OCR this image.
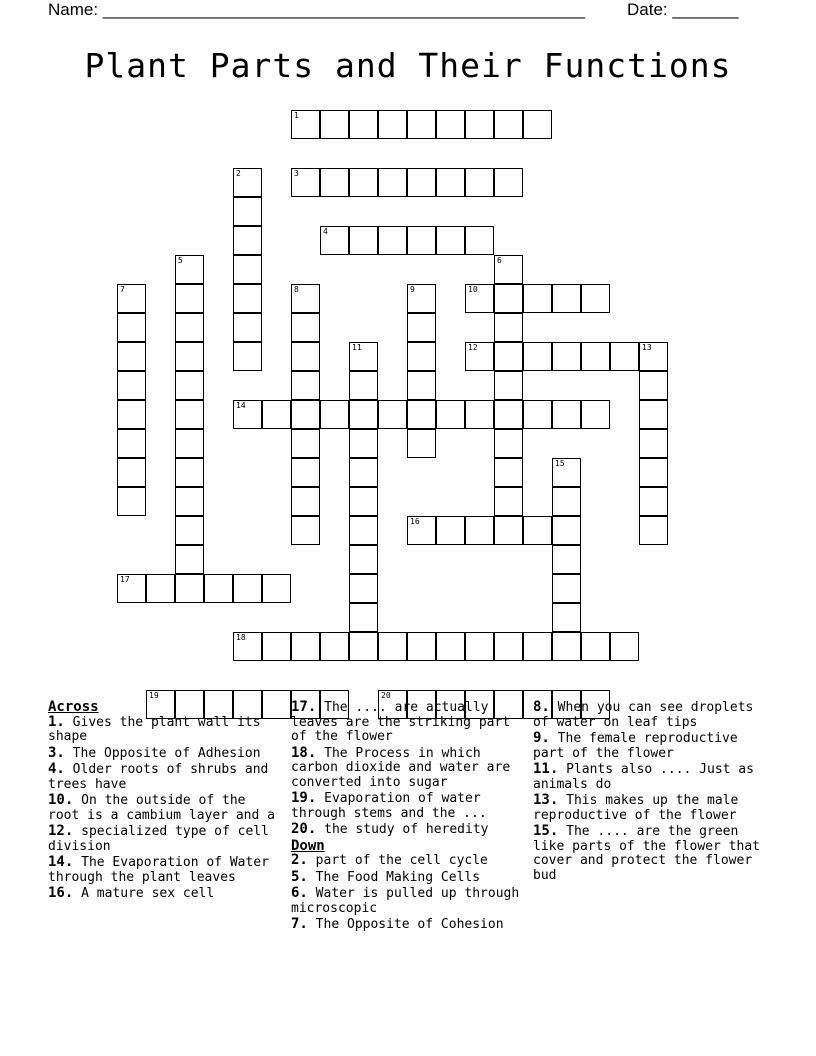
Name: ___________________________________________________ Date: _______
Plant Parts and Their Functions
1
3
4
10
12	13
14
16
17
18
19	20
2
5	6
7	8	9
11
15
Across
1. Gives the plant wall its shape
3. The Opposite of Adhesion
4. Older roots of shrubs and trees have
10. On the outside of the root is a cambium layer and a
12. specialized type of cell division
14. The Evaporation of Water through the plant leaves
16. A mature sex cell
17. The .... are actually leaves are the striking part of the flower
18. The Process in which carbon dioxide and water are converted into sugar
19. Evaporation of water through stems and the ...
20. the study of heredity
Down
2. part of the cell cycle
5. The Food Making Cells
6. Water is pulled up through microscopic
7. The Opposite of Cohesion
8. When you can see droplets of water on leaf tips
9. The female reproductive part of the flower
11. Plants also .... Just as animals do
13. This makes up the male reproductive of the flower
15. The .... are the green like parts of the flower that cover and protect the flower bud
